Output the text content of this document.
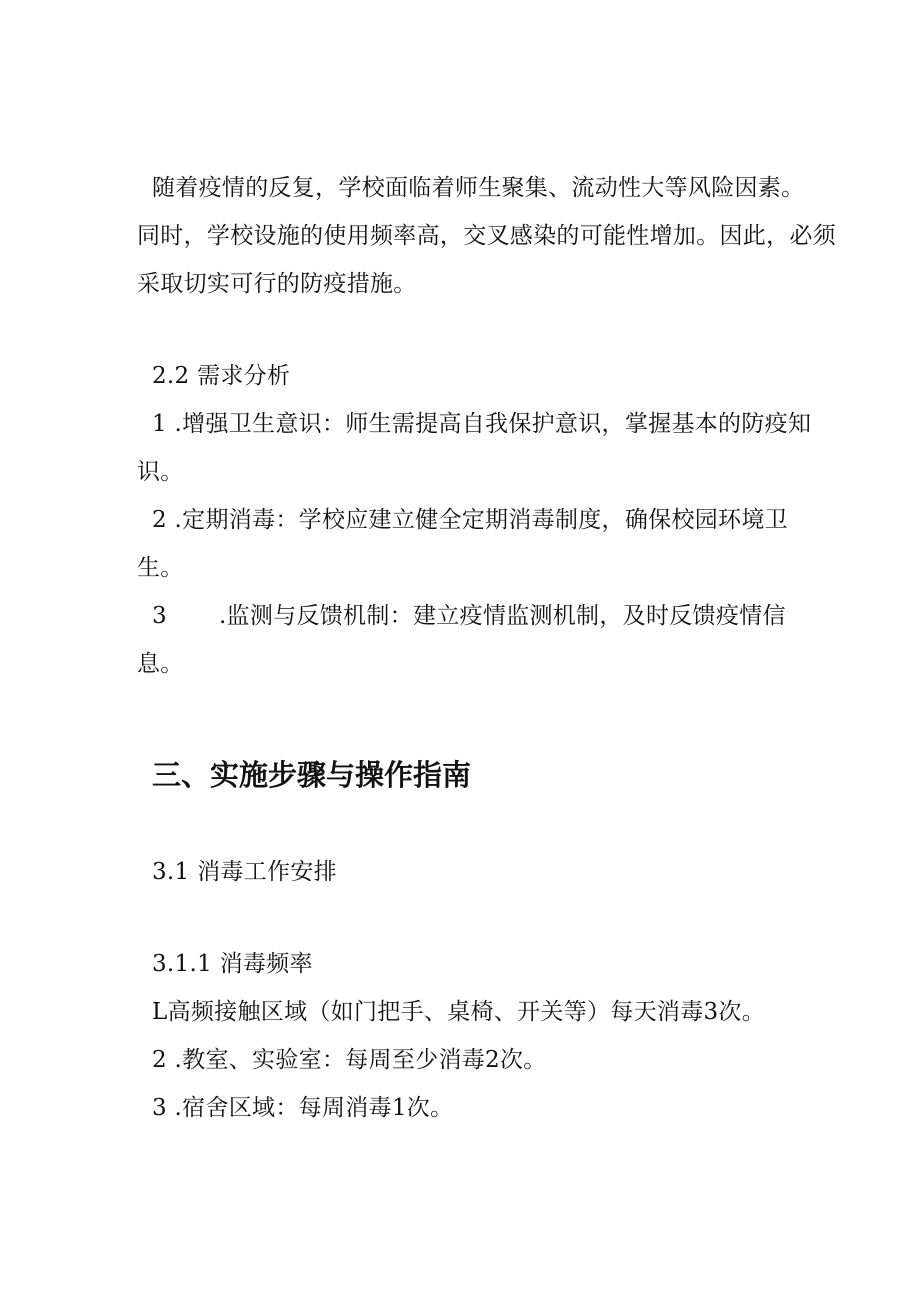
随着疫情的反复，学校面临着师生聚集、流动性大等风险因素。
同时，学校设施的使用频率高，交叉感染的可能性增加。因此，必须
采取切实可行的防疫措施。
2.2 需求分析
1 .增强卫生意识：师生需提高自我保护意识，掌握基本的防疫知
识。
2 .定期消毒：学校应建立健全定期消毒制度，确保校园环境卫
生。
3 .监测与反馈机制：建立疫情监测机制，及时反馈疫情信
息。
三、实施步骤与操作指南
3.1 消毒工作安排
3.1.1 消毒频率
L高频接触区域（如门把手、桌椅、开关等）每天消毒3次。
2 .教室、实验室：每周至少消毒2次。
3 .宿舍区域：每周消毒1次。
